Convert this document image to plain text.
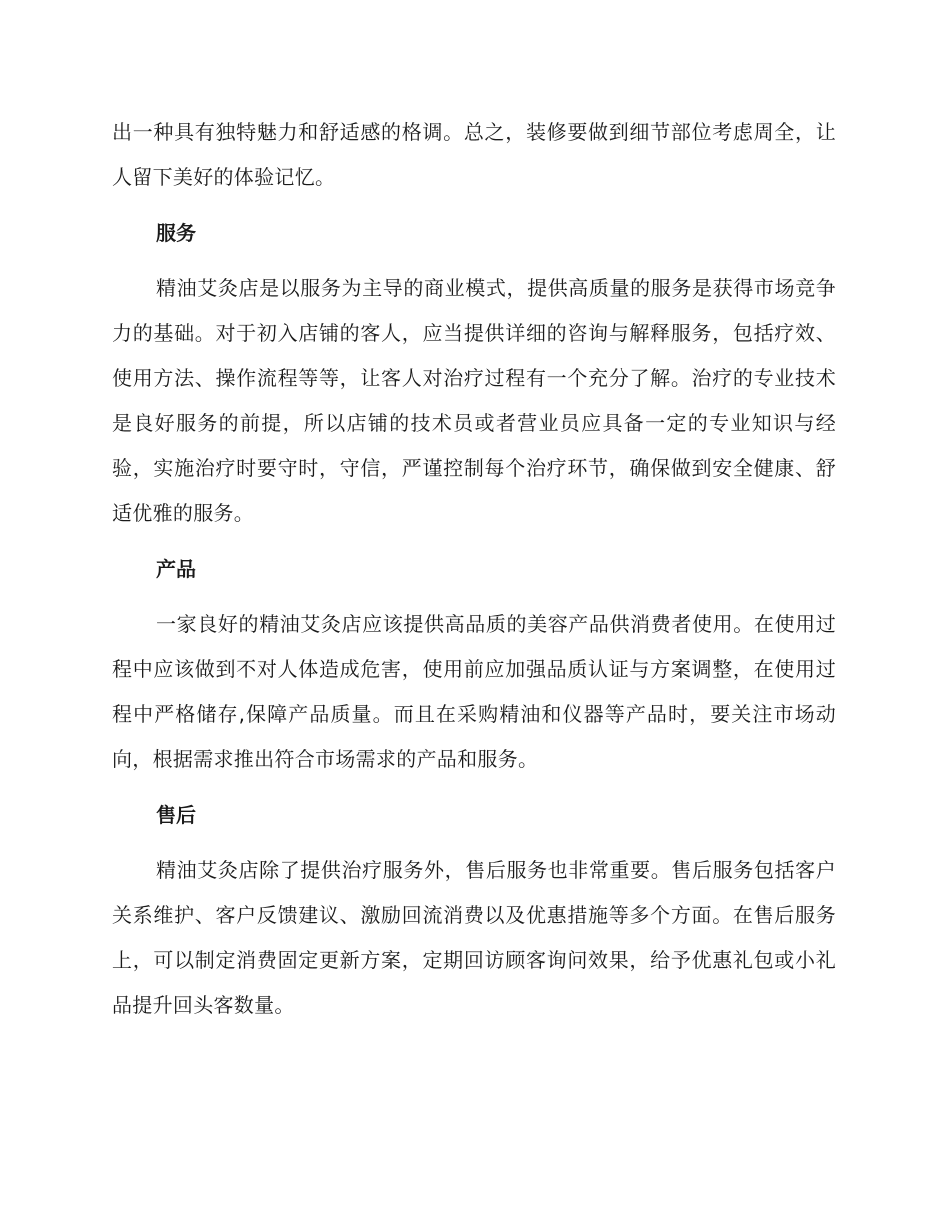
出一种具有独特魅力和舒适感的格调。总之，装修要做到细节部位考虑周全，让人留下美好的体验记忆。

服务

精油艾灸店是以服务为主导的商业模式，提供高质量的服务是获得市场竞争力的基础。对于初入店铺的客人，应当提供详细的咨询与解释服务，包括疗效、使用方法、操作流程等等，让客人对治疗过程有一个充分了解。治疗的专业技术是良好服务的前提，所以店铺的技术员或者营业员应具备一定的专业知识与经验，实施治疗时要守时，守信，严谨控制每个治疗环节，确保做到安全健康、舒适优雅的服务。

产品

一家良好的精油艾灸店应该提供高品质的美容产品供消费者使用。在使用过程中应该做到不对人体造成危害，使用前应加强品质认证与方案调整，在使用过程中严格储存,保障产品质量。而且在采购精油和仪器等产品时，要关注市场动向，根据需求推出符合市场需求的产品和服务。

售后

精油艾灸店除了提供治疗服务外，售后服务也非常重要。售后服务包括客户关系维护、客户反馈建议、激励回流消费以及优惠措施等多个方面。在售后服务上，可以制定消费固定更新方案，定期回访顾客询问效果，给予优惠礼包或小礼品提升回头客数量。
